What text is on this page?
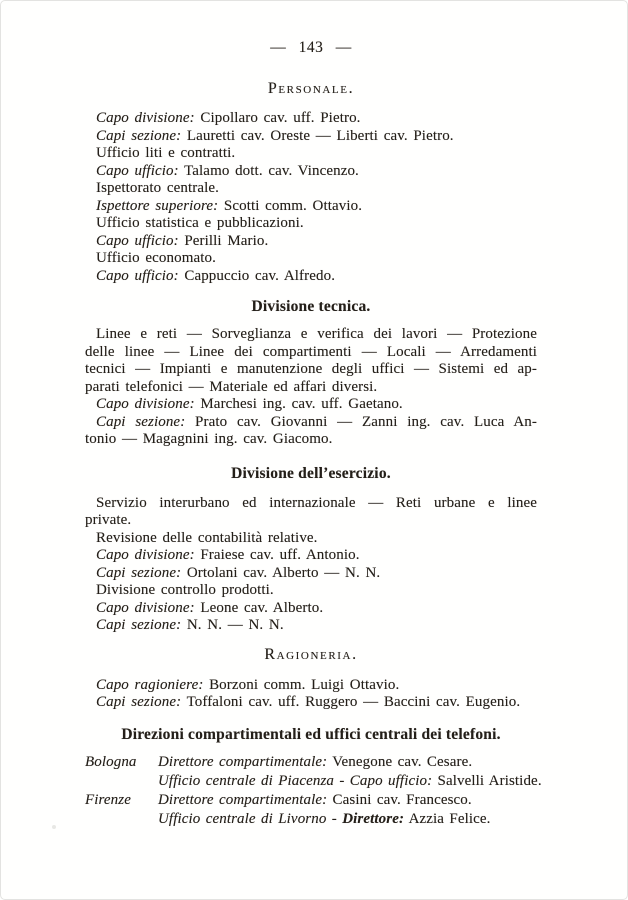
— 143 —
Personale.

Capo divisione: Cipollaro cav. uff. Pietro.

Capi sezione: Lauretti cav. Oreste — Liberti cav. Pietro.

Ufficio liti e contratti.

Capo ufficio: Talamo dott. cav. Vincenzo.

Ispettorato centrale.

Ispettore superiore: Scotti comm. Ottavio.

Ufficio statistica e pubblicazioni.

Capo ufficio: Perilli Mario.

Ufficio economato.

Capo ufficio: Cappuccio cav. Alfredo.

Divisione tecnica.

Linee e reti — Sorveglianza e verifica dei lavori — Protezione

delle linee — Linee dei compartimenti — Locali — Arredamenti

tecnici — Impianti e manutenzione degli uffici — Sistemi ed ap-

parati telefonici — Materiale ed affari diversi.

Capo divisione: Marchesi ing. cav. uff. Gaetano.

Capi sezione: Prato cav. Giovanni — Zanni ing. cav. Luca An-

tonio — Magagnini ing. cav. Giacomo.

Divisione dell’esercizio.

Servizio interurbano ed internazionale — Reti urbane e linee

private.

Revisione delle contabilità relative.

Capo divisione: Fraiese cav. uff. Antonio.

Capi sezione: Ortolani cav. Alberto — N. N.

Divisione controllo prodotti.

Capo divisione: Leone cav. Alberto.

Capi sezione: N. N. — N. N.

Ragioneria.

Capo ragioniere: Borzoni comm. Luigi Ottavio.

Capi sezione: Toffaloni cav. uff. Ruggero — Baccini cav. Eugenio.

Direzioni compartimentali ed uffici centrali dei telefoni.
Bologna	Direttore compartimentale: Venegone cav. Cesare.
Ufficio centrale di Piacenza - Capo ufficio: Salvelli Aristide.
Firenze	Direttore compartimentale: Casini cav. Francesco.
Ufficio centrale di Livorno - Direttore: Azzia Felice.
